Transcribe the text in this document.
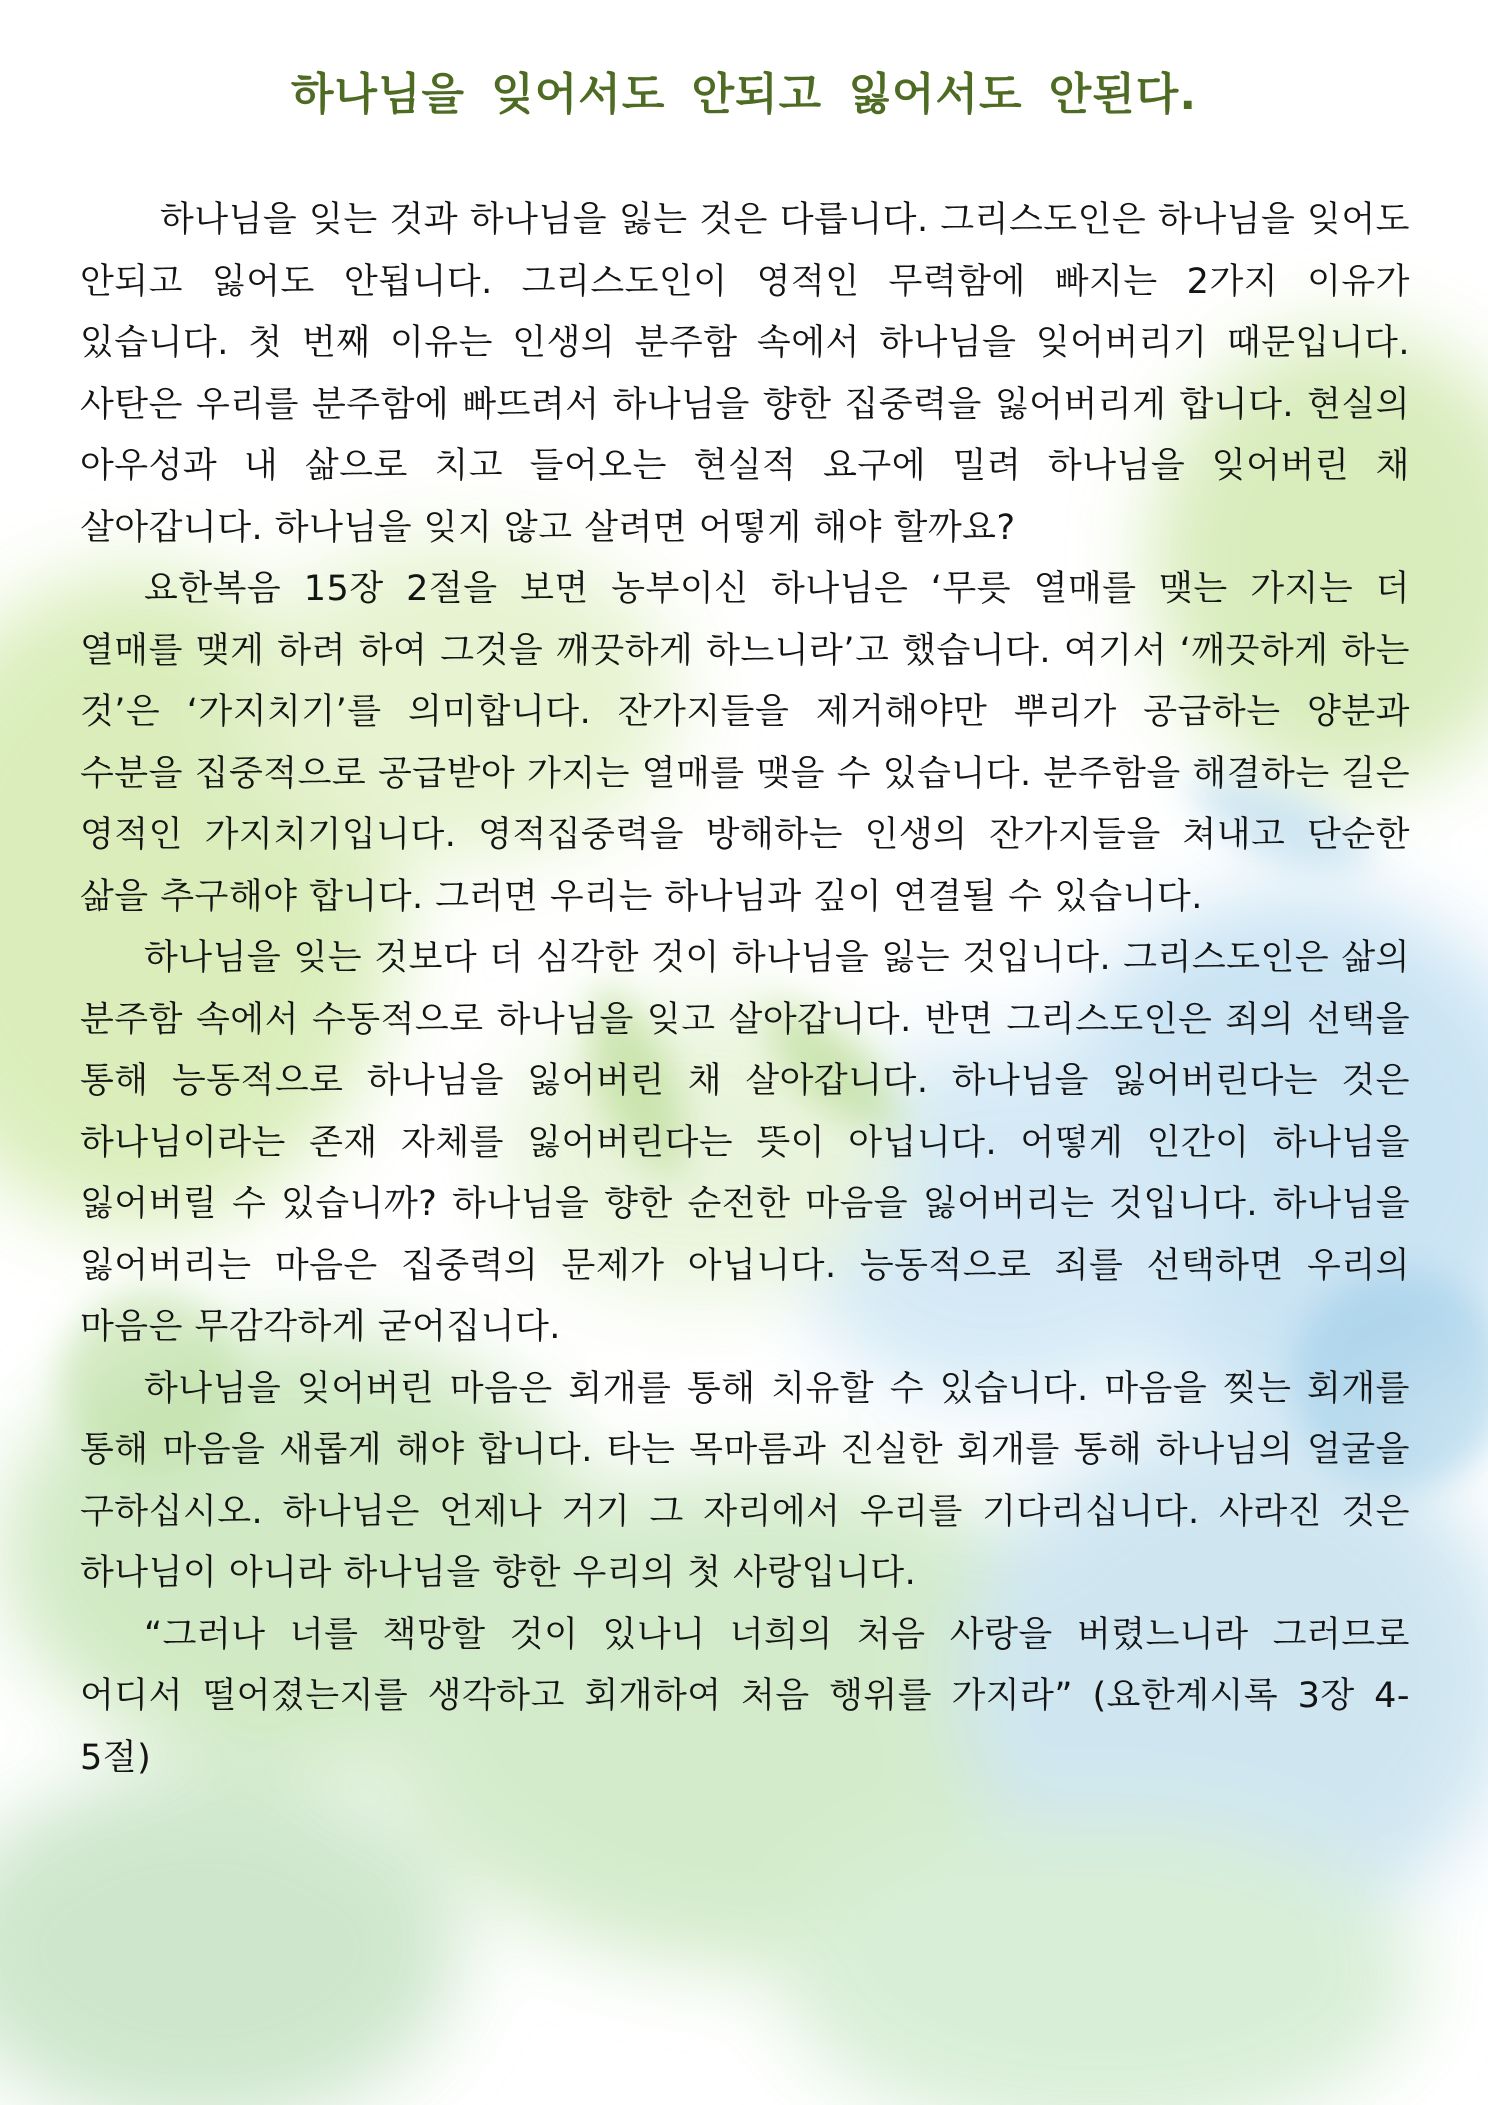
하나님을 잊어서도 안되고 잃어서도 안된다.

하나님을 잊는 것과 하나님을 잃는 것은 다릅니다. 그리스도인은 하나님을 잊어도 안되고 잃어도 안됩니다. 그리스도인이 영적인 무력함에 빠지는 2가지 이유가 있습니다. 첫 번째 이유는 인생의 분주함 속에서 하나님을 잊어버리기 때문입니다. 사탄은 우리를 분주함에 빠뜨려서 하나님을 향한 집중력을 잃어버리게 합니다. 현실의 아우성과 내 삶으로 치고 들어오는 현실적 요구에 밀려 하나님을 잊어버린 채 살아갑니다. 하나님을 잊지 않고 살려면 어떻게 해야 할까요?

요한복음 15장 2절을 보면 농부이신 하나님은 ‘무릇 열매를 맺는 가지는 더 열매를 맺게 하려 하여 그것을 깨끗하게 하느니라’고 했습니다. 여기서 ‘깨끗하게 하는 것’은 ‘가지치기’를 의미합니다. 잔가지들을 제거해야만 뿌리가 공급하는 양분과 수분을 집중적으로 공급받아 가지는 열매를 맺을 수 있습니다. 분주함을 해결하는 길은 영적인 가지치기입니다. 영적집중력을 방해하는 인생의 잔가지들을 쳐내고 단순한 삶을 추구해야 합니다. 그러면 우리는 하나님과 깊이 연결될 수 있습니다.

하나님을 잊는 것보다 더 심각한 것이 하나님을 잃는 것입니다. 그리스도인은 삶의 분주함 속에서 수동적으로 하나님을 잊고 살아갑니다. 반면 그리스도인은 죄의 선택을 통해 능동적으로 하나님을 잃어버린 채 살아갑니다. 하나님을 잃어버린다는 것은 하나님이라는 존재 자체를 잃어버린다는 뜻이 아닙니다. 어떻게 인간이 하나님을 잃어버릴 수 있습니까? 하나님을 향한 순전한 마음을 잃어버리는 것입니다. 하나님을 잃어버리는 마음은 집중력의 문제가 아닙니다. 능동적으로 죄를 선택하면 우리의 마음은 무감각하게 굳어집니다.

하나님을 잊어버린 마음은 회개를 통해 치유할 수 있습니다. 마음을 찢는 회개를 통해 마음을 새롭게 해야 합니다. 타는 목마름과 진실한 회개를 통해 하나님의 얼굴을 구하십시오. 하나님은 언제나 거기 그 자리에서 우리를 기다리십니다. 사라진 것은 하나님이 아니라 하나님을 향한 우리의 첫 사랑입니다.

“그러나 너를 책망할 것이 있나니 너희의 처음 사랑을 버렸느니라 그러므로 어디서 떨어졌는지를 생각하고 회개하여 처음 행위를 가지라” (요한계시록 3장 4-5절)
